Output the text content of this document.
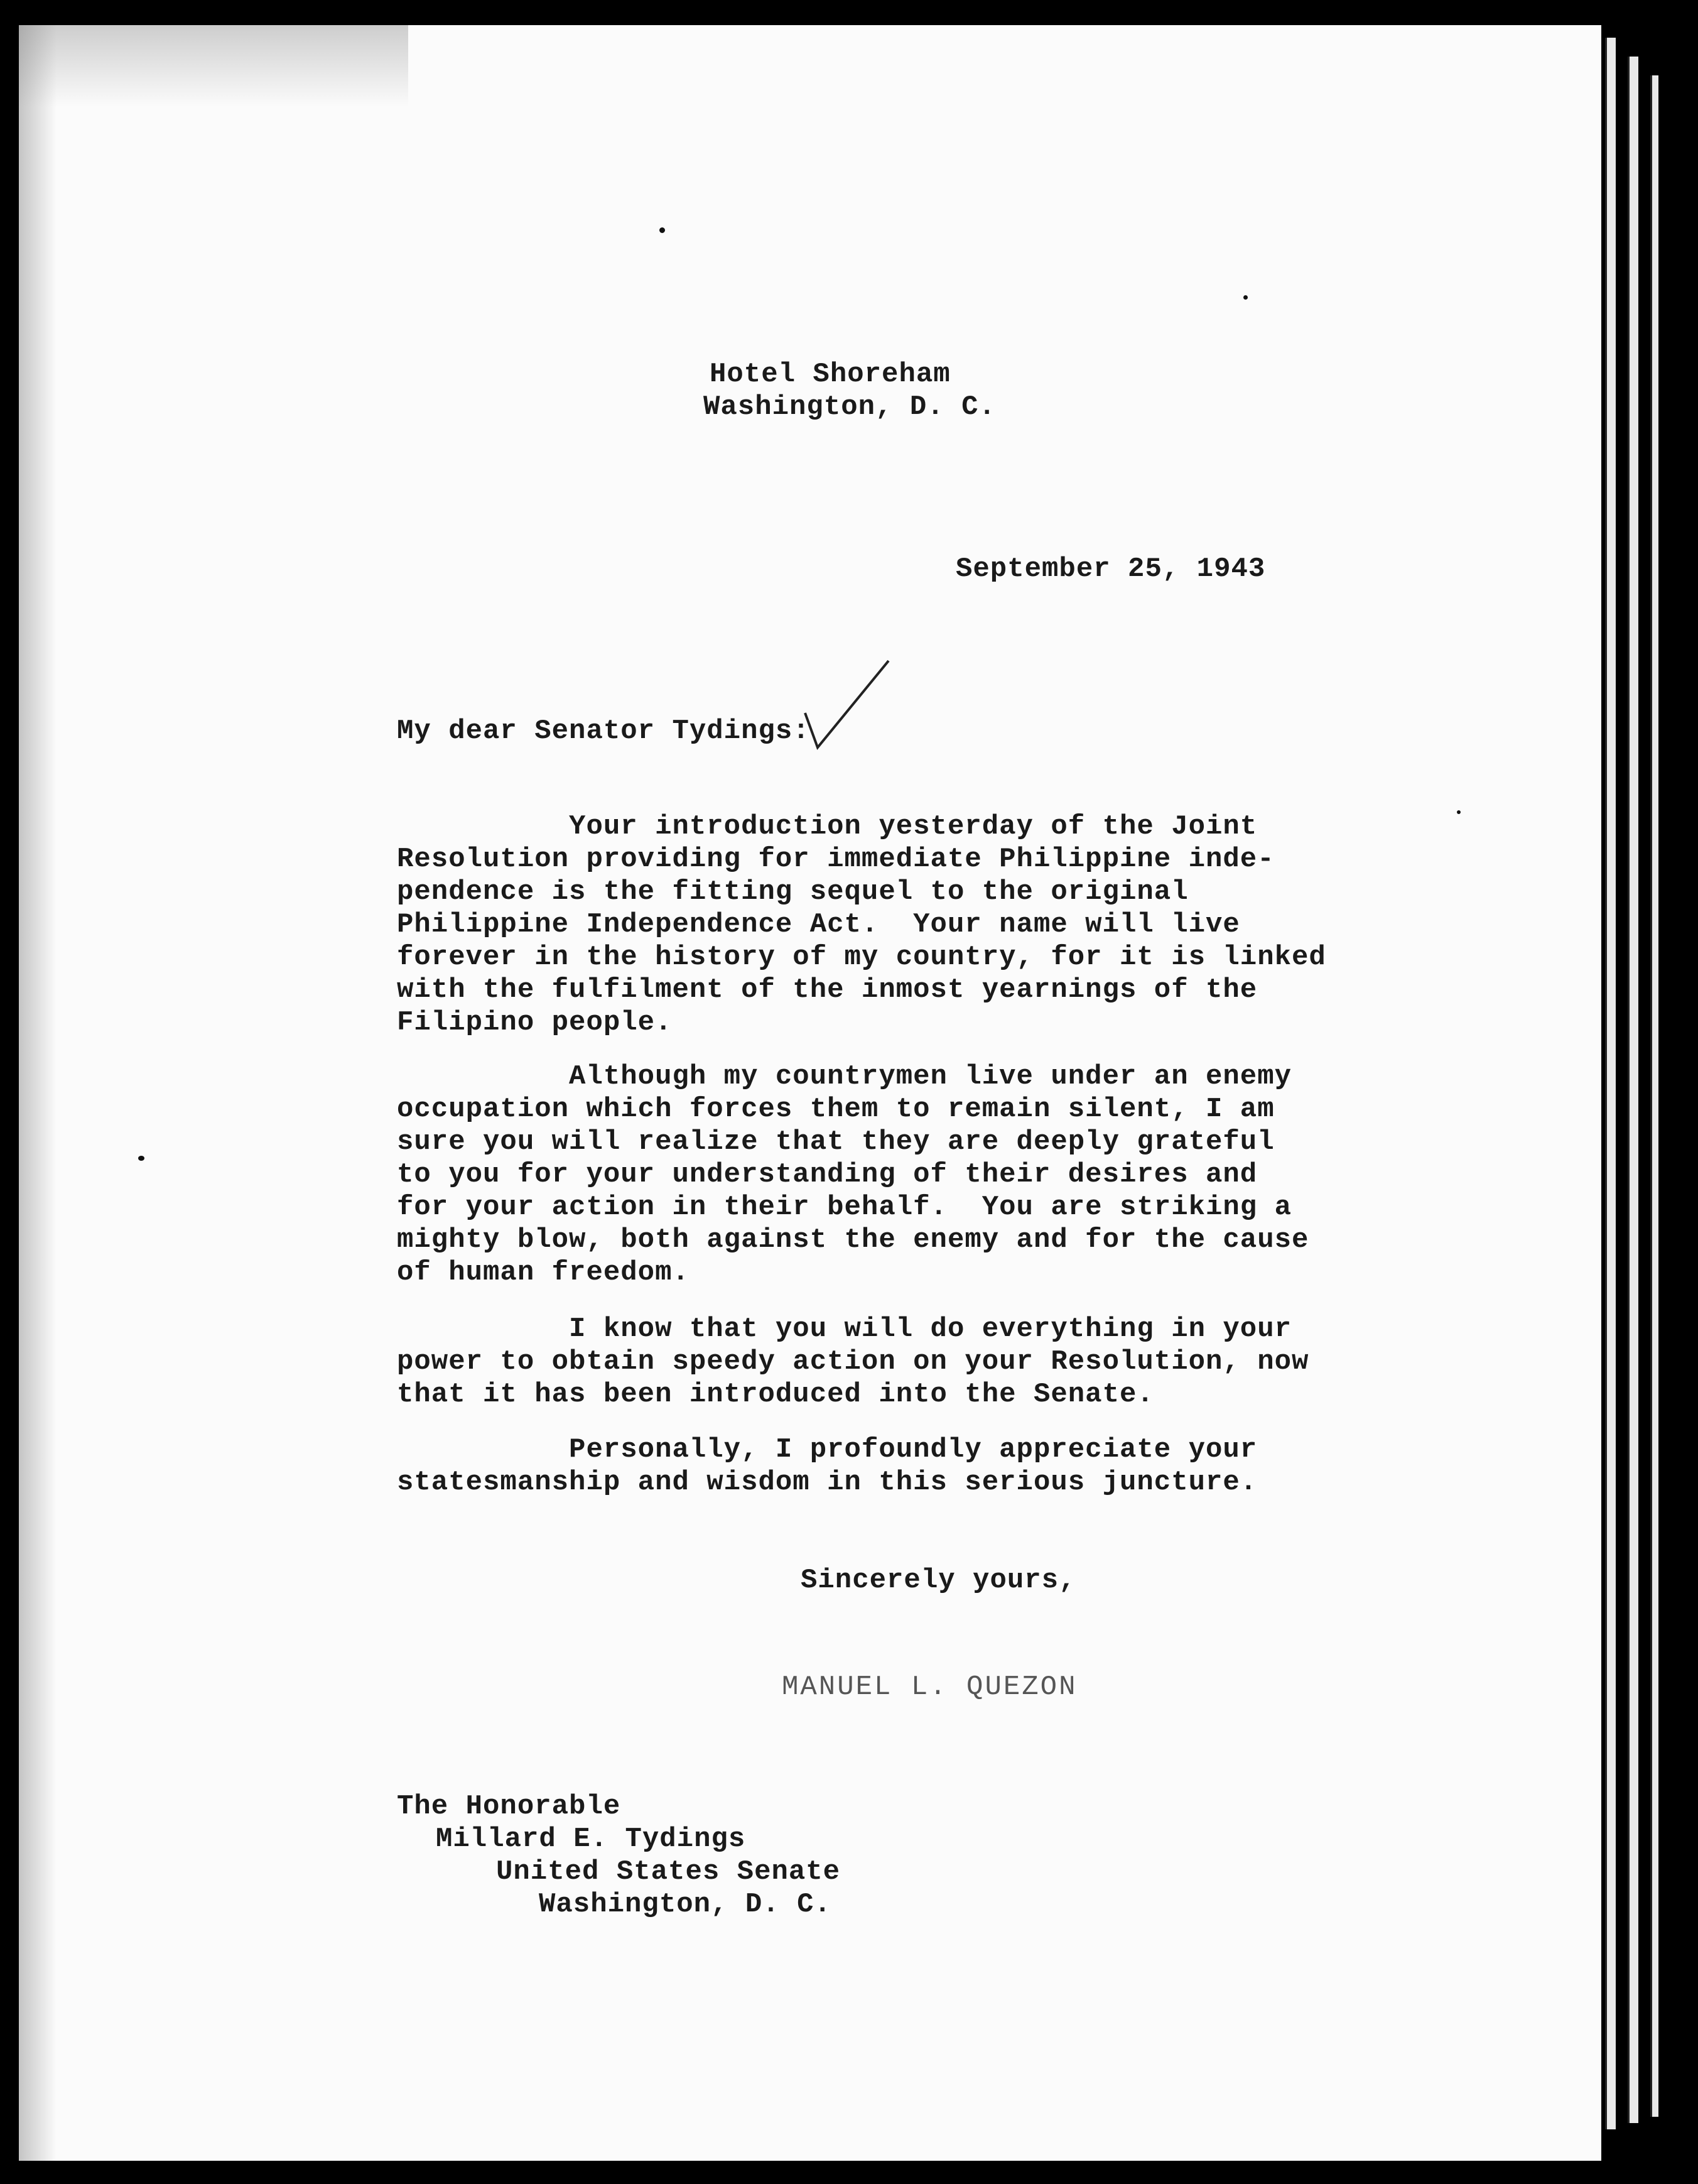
Hotel Shoreham
Washington, D. C.
September 25, 1943
My dear Senator Tydings:
Your introduction yesterday of the Joint
Resolution providing for immediate Philippine inde-
pendence is the fitting sequel to the original
Philippine Independence Act.  Your name will live
forever in the history of my country, for it is linked
with the fulfilment of the inmost yearnings of the
Filipino people.
Although my countrymen live under an enemy
occupation which forces them to remain silent, I am
sure you will realize that they are deeply grateful
to you for your understanding of their desires and
for your action in their behalf.  You are striking a
mighty blow, both against the enemy and for the cause
of human freedom.
I know that you will do everything in your
power to obtain speedy action on your Resolution, now
that it has been introduced into the Senate.
Personally, I profoundly appreciate your
statesmanship and wisdom in this serious juncture.
Sincerely yours,
MANUEL L. QUEZON
The Honorable
Millard E. Tydings
United States Senate
Washington, D. C.
